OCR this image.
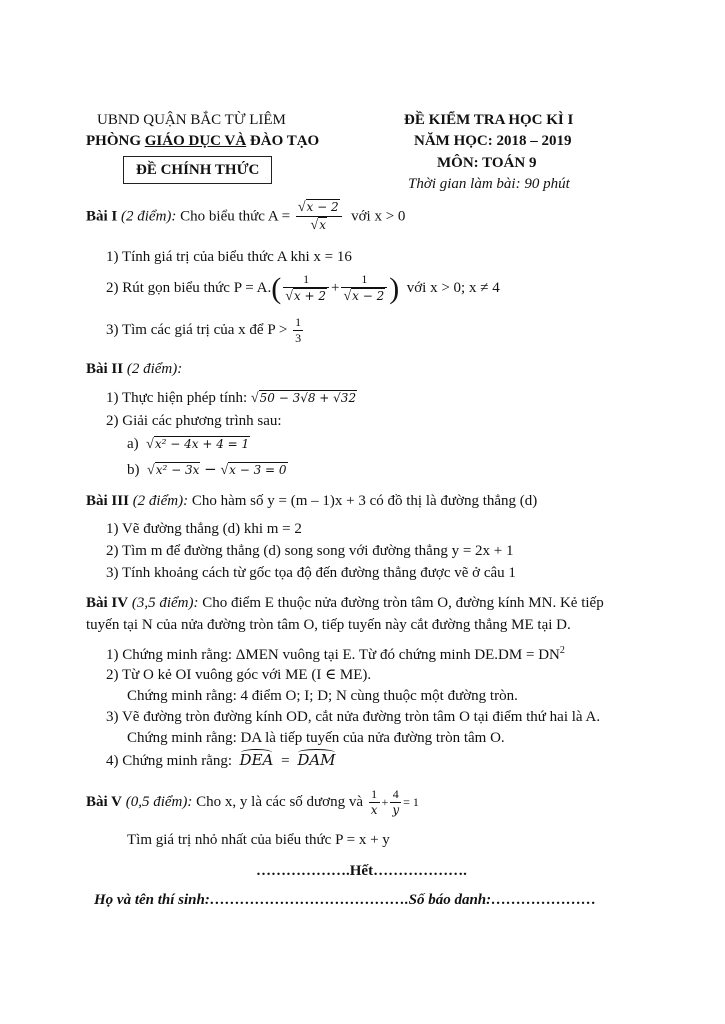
UBND QUẬN BẮC TỪ LIÊM
PHÒNG GIÁO DỤC VÀ ĐÀO TẠO
ĐỀ CHÍNH THỨC
ĐỀ KIỂM TRA HỌC KÌ I
NĂM HỌC: 2018 – 2019
MÔN: TOÁN 9
Thời gian làm bài: 90 phút
Bài I (2 điểm): Cho biểu thức $A = \frac{√x - 2}{√x}$ với x > 0
1) Tính giá trị của biểu thức A khi x = 16
2) Rút gọn biểu thức $P = A.( \frac{1}{√x + 2} + \frac{1}{√x - 2}$ ) với x > 0; x ≠ 4
3) Tìm các giá trị của x để $P > \frac{1}{3}$
Bài II (2 điểm):
1) Thực hiện phép tính: √50 − 3√8 + √32
2) Giải các phương trình sau:
a) √x² − 4x + 4 = 1
b) √x² − 3x − √x − 3 = 0
Bài III (2 điểm): Cho hàm số y = (m – 1)x + 3 có đồ thị là đường thẳng (d)
1) Vẽ đường thẳng (d) khi m = 2
2) Tìm m để đường thẳng (d) song song với đường thẳng y = 2x + 1
3) Tính khoảng cách từ gốc tọa độ đến đường thẳng được vẽ ở câu 1
Bài IV (3,5 điểm): Cho điểm E thuộc nửa đường tròn tâm O, đường kính MN. Kẻ tiếp
tuyến tại N của nửa đường tròn tâm O, tiếp tuyến này cắt đường thẳng ME tại D.
1) Chứng minh rằng: ΔMEN vuông tại E. Từ đó chứng minh $DE.DM = DN^2$
2) Từ O kẻ OI vuông góc với ME (I ∈ ME).
Chứng minh rằng: 4 điểm O; I; D; N cùng thuộc một đường tròn.
3) Vẽ đường tròn đường kính OD, cắt nửa đường tròn tâm O tại điểm thứ hai là A.
Chứng minh rằng: DA là tiếp tuyến của nửa đường tròn tâm O.
4) Chứng minh rằng: DEA = DAM
Bài V (0,5 điểm): Cho x, y là các số dương và $\frac{1}{x} + \frac{4}{y} = 1$
Tìm giá trị nhỏ nhất của biểu thức P = x + y
……………….Hết……………….
Họ và tên thí sinh:………………………………….Số báo danh:…………………
